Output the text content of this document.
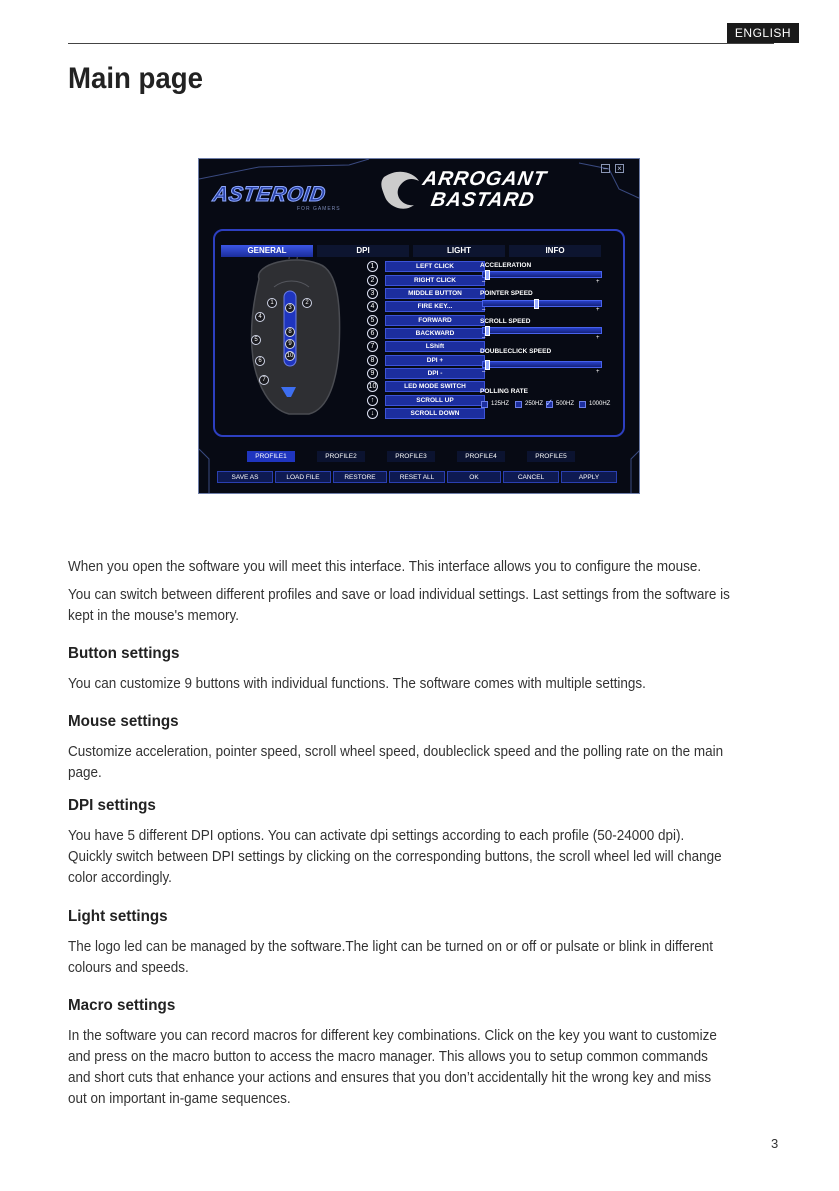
ENGLISH
Main page
– ×
ASTEROID
FOR GAMERS
ARROGANT
BASTARD
GENERAL	DPI	LIGHT	INFO
1	2
3
4
5
6
7
8
9
10
1	LEFT CLICK
2	RIGHT CLICK
3	MIDDLE BUTTON
4	FIRE KEY...
5	FORWARD
6	BACKWARD
7	LShift
8	DPI +
9	DPI -
10	LED MODE SWITCH
↑	SCROLL UP
↓	SCROLL DOWN
ACCELERATION
–	+
POINTER SPEED
–	+
SCROLL SPEED
–	+
DOUBLECLICK SPEED
–	+
POLLING RATE
125HZ	250HZ ✓ 500HZ 1000HZ
PROFILE1	PROFILE2	PROFILE3	PROFILE4	PROFILE5
SAVE AS	LOAD FILE	RESTORE	RESET ALL	OK	CANCEL	APPLY
When you open the software you will meet this interface. This interface allows you to configure the mouse.
You can switch between different profiles and save or load individual settings. Last settings from the software is kept in the mouse's memory.
Button settings
You can customize 9 buttons with individual functions. The software comes with multiple settings.
Mouse settings
Customize acceleration, pointer speed, scroll wheel speed, doubleclick speed and the polling rate on the main page.
DPI settings
You have 5 different DPI options. You can activate dpi settings according to each profile (50-24000 dpi). Quickly switch between DPI settings by clicking on the corresponding buttons, the scroll wheel led will change color accordingly.
Light settings
The logo led can be managed by the software.The light can be turned on or off or pulsate or blink in different colours and speeds.
Macro settings
In the software you can record macros for different key combinations. Click on the key you want to customize and press on the macro button to access the macro manager. This allows you to setup common commands and short cuts that enhance your actions and ensures that you don’t accidentally hit the wrong key and miss out on important in-game sequences.
3
